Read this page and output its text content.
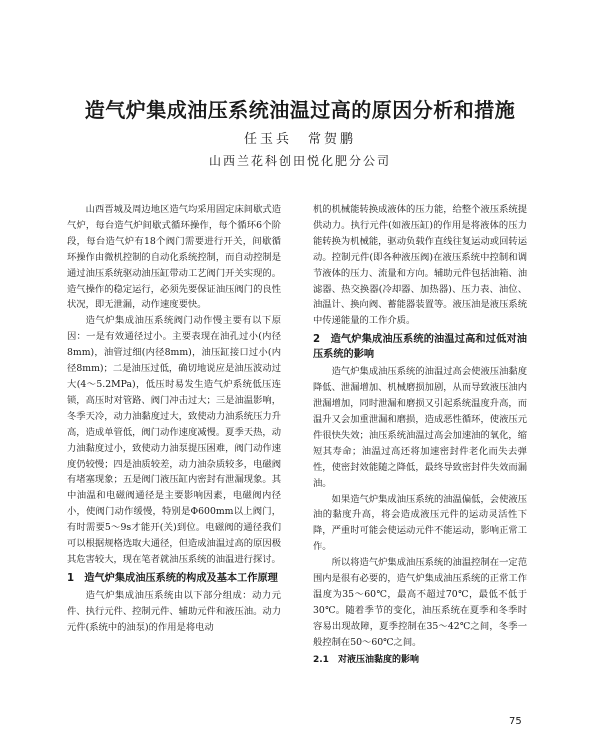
造气炉集成油压系统油温过高的原因分析和措施
任玉兵　常贺鹏
山西兰花科创田悦化肥分公司

山西晋城及周边地区造气均采用固定床间歇式造气炉，每台造气炉间歇式循环操作，每个循环6个阶段，每台造气炉有18个阀门需要进行开关，间歇循环操作由微机控制的自动化系统控制，而自动控制是通过油压系统驱动油压缸带动工艺阀门开关实现的。造气操作的稳定运行，必须先要保证油压阀门的良性状况，即无泄漏，动作速度要快。

造气炉集成油压系统阀门动作慢主要有以下原因：一是有效通径过小。主要表现在油孔过小(内径8mm)，油管过细(内径8mm)，油压缸接口过小(内径8mm)；二是油压过低，确切地说应是油压波动过大(4～5.2MPa)，低压时易发生造气炉系统低压连锁，高压时对管路、阀门冲击过大；三是油温影响，冬季天冷，动力油黏度过大，致使动力油系统压力升高，造成单管低，阀门动作速度减慢。夏季天热，动力油黏度过小，致使动力油泵提压困难，阀门动作速度仍较慢；四是油质较差，动力油杂质较多，电磁阀有堵塞现象；五是阀门液压缸内密封有泄漏现象。其中油温和电磁阀通径是主要影响因素，电磁阀内径小，使阀门动作缓慢，特别是Φ600mm以上阀门，有时需要5～9s才能开(关)到位。电磁阀的通径我们可以根据规格选取大通径，但造成油温过高的原因极其危害较大，现在笔者就油压系统的油温进行探讨。

1　造气炉集成油压系统的构成及基本工作原理

造气炉集成油压系统由以下部分组成：动力元件、执行元件、控制元件、辅助元件和液压油。动力元件(系统中的油泵)的作用是将电动

机的机械能转换成液体的压力能，给整个液压系统提供动力。执行元件(如液压缸)的作用是将液体的压力能转换为机械能，驱动负载作直线往复运动或回转运动。控制元件(即各种液压阀)在液压系统中控制和调节液体的压力、流量和方向。辅助元件包括油箱、油滤器、热交换器(冷却器、加热器)、压力表、油位、油温计、换向阀、蓄能器装置等。液压油是液压系统中传递能量的工作介质。

2　造气炉集成油压系统的油温过高和过低对油压系统的影响

造气炉集成油压系统的油温过高会使液压油黏度降低、泄漏增加、机械磨损加剧，从而导致液压油内泄漏增加，同时泄漏和磨损又引起系统温度升高，而温升又会加重泄漏和磨损，造成恶性循环，使液压元件很快失效；油压系统油温过高会加速油的氧化，缩短其寿命；油温过高还将加速密封件老化而失去弹性，使密封效能随之降低，最终导致密封件失效而漏油。

如果造气炉集成油压系统的油温偏低，会使液压油的黏度升高，将会造成液压元件的运动灵活性下降，严重时可能会使运动元件不能运动，影响正常工作。

所以将造气炉集成油压系统的油温控制在一定范围内是很有必要的，造气炉集成油压系统的正常工作温度为35～60℃，最高不超过70℃，最低不低于30℃。随着季节的变化，油压系统在夏季和冬季时容易出现故障，夏季控制在35～42℃之间，冬季一般控制在50～60℃之间。

2.1　对液压油黏度的影响
75
